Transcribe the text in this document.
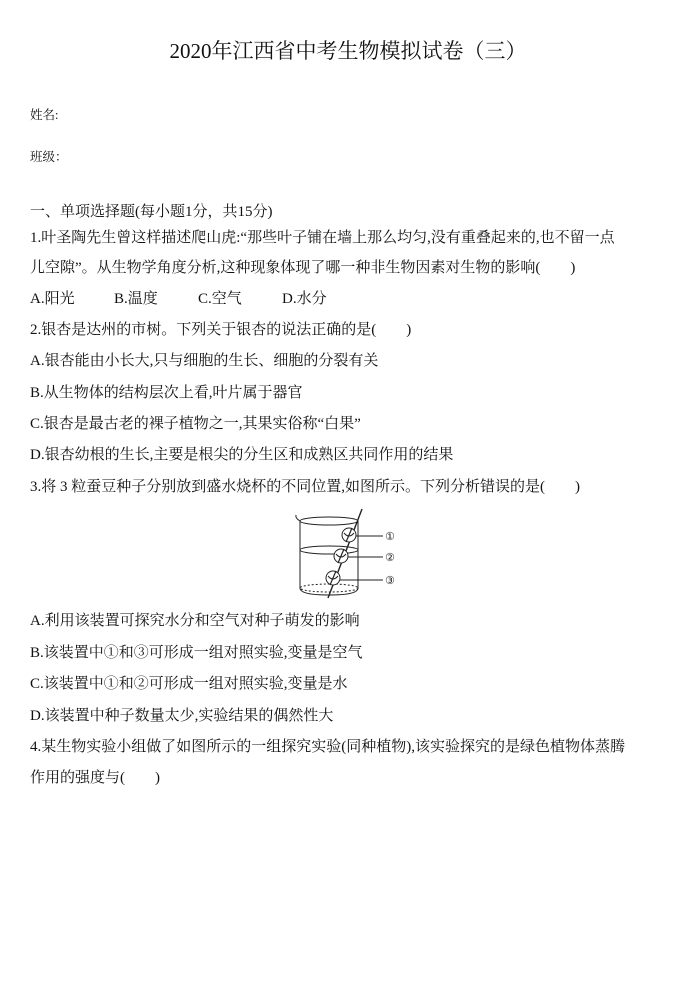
2020年江西省中考生物模拟试卷（三）
姓名:
班级：
一、单项选择题(每小题1分，共15分)
1.叶圣陶先生曾这样描述爬山虎:“那些叶子铺在墙上那么均匀,没有重叠起来的,也不留一点
儿空隙”。从生物学角度分析,这种现象体现了哪一种非生物因素对生物的影响(　　)
A.阳光	B.温度	C.空气	D.水分
2.银杏是达州的市树。下列关于银杏的说法正确的是(　　)
A.银杏能由小长大,只与细胞的生长、细胞的分裂有关
B.从生物体的结构层次上看,叶片属于器官
C.银杏是最古老的裸子植物之一,其果实俗称“白果”
D.银杏幼根的生长,主要是根尖的分生区和成熟区共同作用的结果
3.将 3 粒蚕豆种子分别放到盛水烧杯的不同位置,如图所示。下列分析错误的是(　　)
①
②
③
A.利用该装置可探究水分和空气对种子萌发的影响
B.该装置中①和③可形成一组对照实验,变量是空气
C.该装置中①和②可形成一组对照实验,变量是水
D.该装置中种子数量太少,实验结果的偶然性大
4.某生物实验小组做了如图所示的一组探究实验(同种植物),该实验探究的是绿色植物体蒸腾
作用的强度与(　　)
